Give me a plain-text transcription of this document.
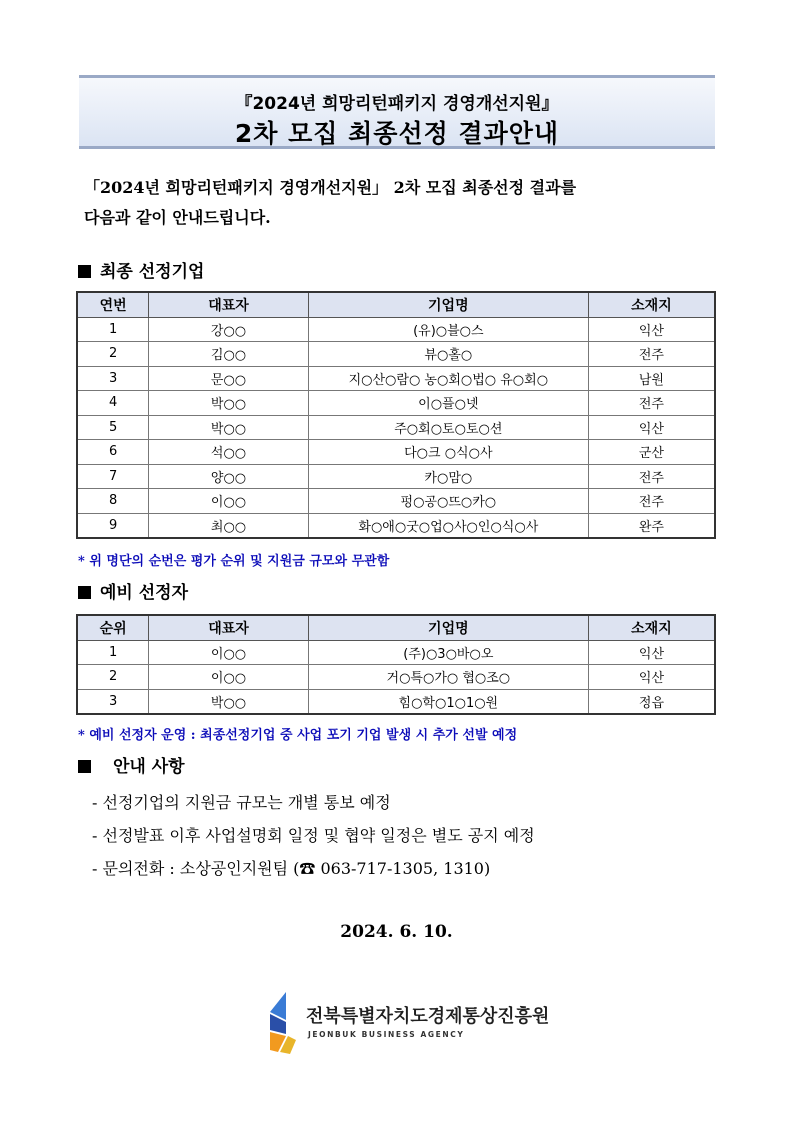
『2024년 희망리턴패키지 경영개선지원』
2차 모집 최종선정 결과안내
「2024년 희망리턴패키지 경영개선지원」 2차 모집 최종선정 결과를
다음과 같이 안내드립니다.
최종 선정기업
연번	대표자	기업명	소재지
1	강○○	(유)○블○스	익산
2	김○○	뷰○홀○	전주
3	문○○	지○산○람○ 농○회○법○ 유○회○	남원
4	박○○	이○플○넷	전주
5	박○○	주○회○토○토○션	익산
6	석○○	다○크 ○식○사	군산
7	양○○	카○맘○	전주
8	이○○	펑○공○뜨○카○	전주
9	최○○	화○애○굿○업○사○인○식○사	완주
* 위 명단의 순번은 평가 순위 및 지원금 규모와 무관함
예비 선정자
순위	대표자	기업명	소재지
1	이○○	(주)○3○바○오	익산
2	이○○	거○특○가○ 협○조○	익산
3	박○○	힘○학○1○1○원	정읍
* 예비 선정자 운영 : 최종선정기업 중 사업 포기 기업 발생 시 추가 선발 예정
안내 사항
- 선정기업의 지원금 규모는 개별 통보 예정
- 선정발표 이후 사업설명회 일정 및 협약 일정은 별도 공지 예정
- 문의전화 : 소상공인지원팀 (☎ 063-717-1305, 1310)
2024. 6. 10.
전북특별자치도경제통상진흥원
JEONBUK BUSINESS AGENCY
